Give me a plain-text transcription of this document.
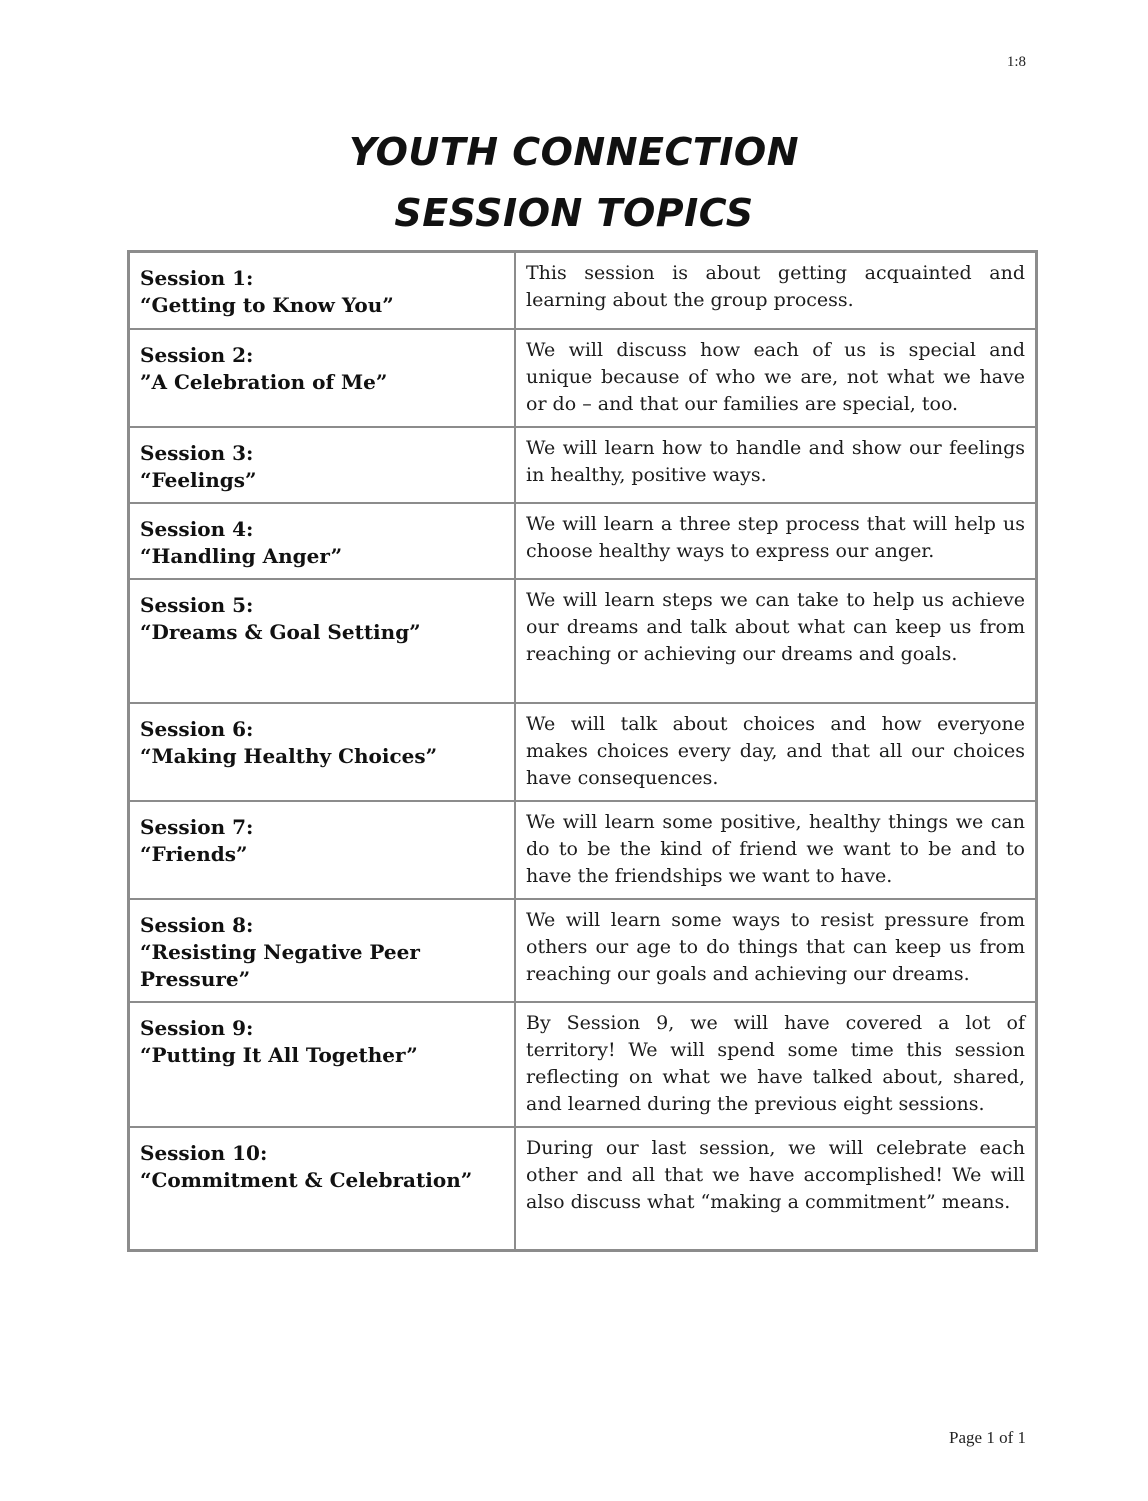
1:8
YOUTH CONNECTION
SESSION TOPICS
Session 1:
“Getting to Know You”	This session is about getting acquainted and learning about the group process.

Session 2:
”A Celebration of Me”	We will discuss how each of us is special and unique because of who we are, not what we have or do – and that our families are special, too.

Session 3:
“Feelings”	We will learn how to handle and show our feelings in healthy, positive ways.

Session 4:
“Handling Anger”	We will learn a three step process that will help us choose healthy ways to express our anger.

Session 5:
“Dreams & Goal Setting”	We will learn steps we can take to help us achieve our dreams and talk about what can keep us from reaching or achieving our dreams and goals.

Session 6:
“Making Healthy Choices”	We will talk about choices and how everyone makes choices every day, and that all our choices have consequences.

Session 7:
“Friends”	We will learn some positive, healthy things we can do to be the kind of friend we want to be and to have the friendships we want to have.

Session 8:
“Resisting Negative Peer Pressure”	We will learn some ways to resist pressure from others our age to do things that can keep us from reaching our goals and achieving our dreams.

Session 9:
“Putting It All Together”	By Session 9, we will have covered a lot of territory! We will spend some time this session reflecting on what we have talked about, shared, and learned during the previous eight sessions.

Session 10:
“Commitment & Celebration”	During our last session, we will celebrate each other and all that we have accomplished! We will also discuss what “making a commitment” means.
Page 1 of 1
